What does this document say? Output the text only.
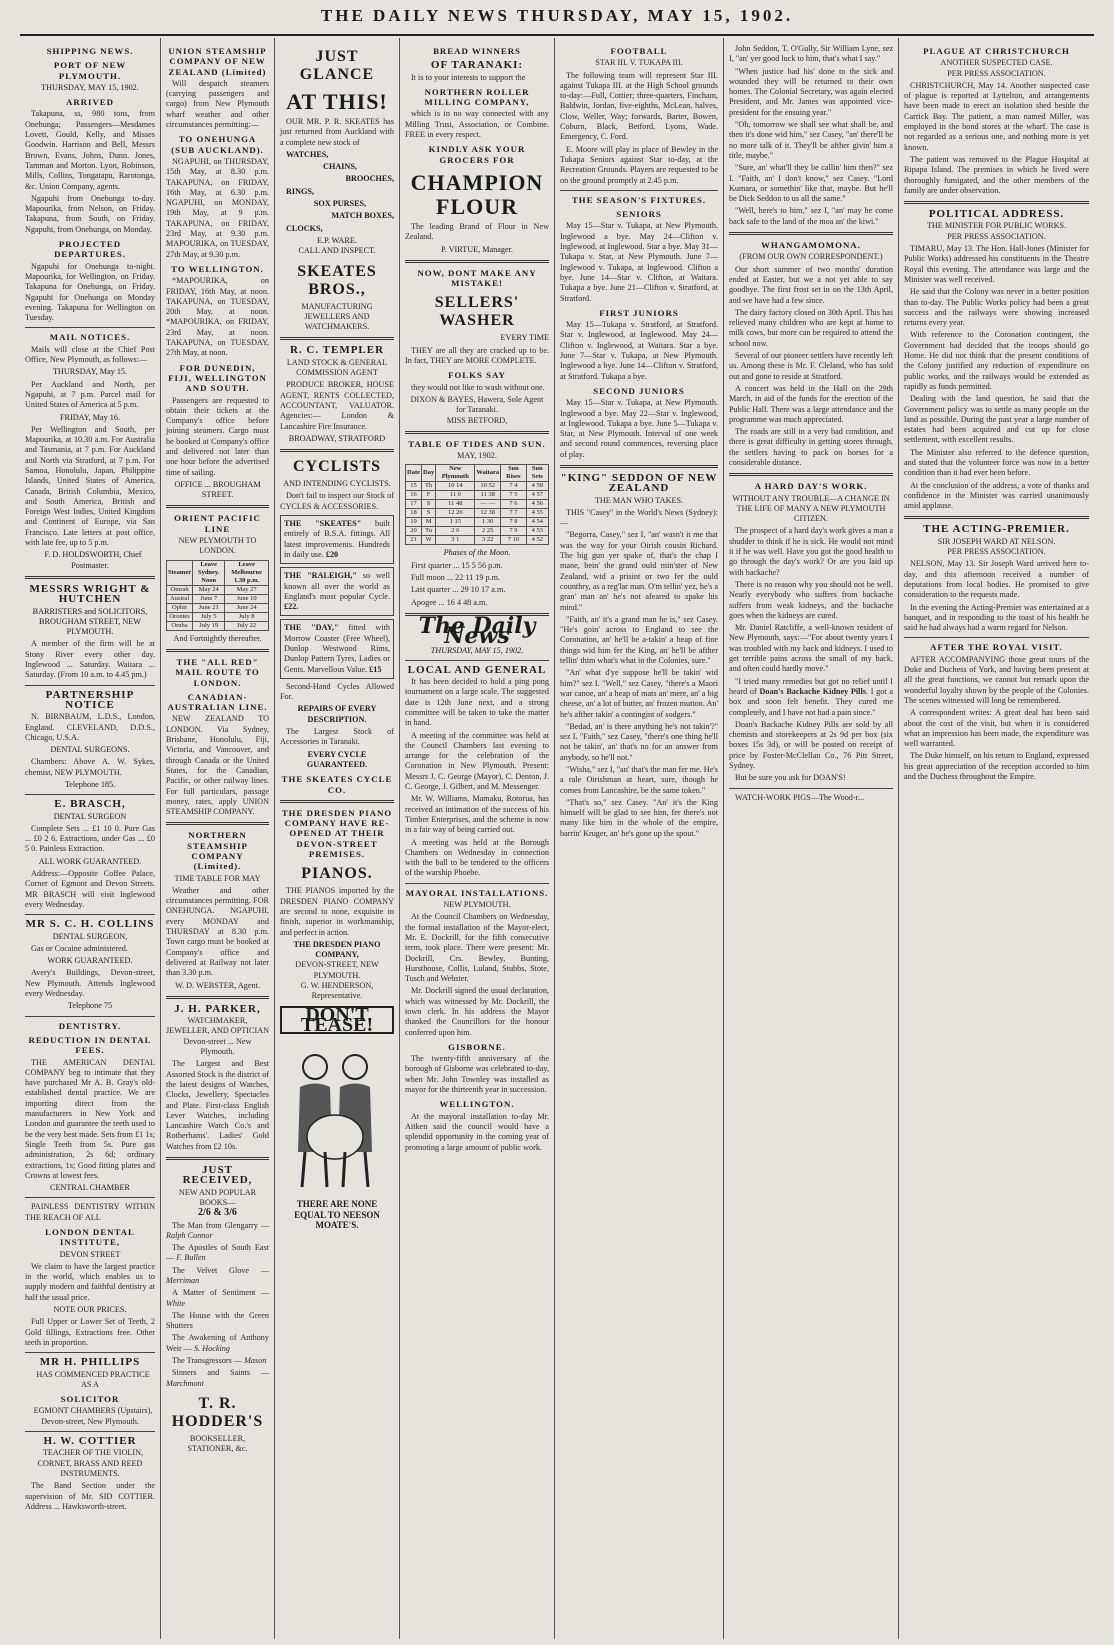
THE DAILY NEWS THURSDAY, MAY 15, 1902.
SHIPPING NEWS.
PORT OF NEW PLYMOUTH.
THURSDAY, MAY 15, 1902.
ARRIVED
Takapuna, ss, 980 tons, from Onehunga; Passengers—Mesdames Lovett, Gould, Kelly, and Misses Goodwin. Harrison and Bell, Messrs Brown, Evans, Johns, Dunn. Jones, Tamman and Morton. Lyon, Robinson, Mills, Collins, Tongatapu, Rarotonga, &c. Union Company, agents.
Ngapuhi from Onehunga to-day. Mapourika, from Nelson, on Friday. Takapuna, from South, on Friday. Ngapuhi, from Onehunga, on Monday.
PROJECTED DEPARTURES.
Ngapuhi for Onehunga to-night. Mapourika, for Wellington, on Friday. Takapuna for Onehunga, on Friday. Ngapuhi for Onehunga on Monday evening. Takapuna for Wellington on Tuesday.
MAIL NOTICES.
Mails will close at the Chief Post Office, New Plymouth, as follows:—
THURSDAY, May 15.
Per Auckland and North, per Ngapuhi, at 7 p.m. Parcel mail for United States of America at 5 p.m.
FRIDAY, May 16.
Per Wellington and South, per Mapourika, at 10.30 a.m. For Australia and Tasmania, at 7 p.m. For Auckland and North via Stratford, at 7 p.m. For Samoa, Honolulu, Japan, Philippine Islands, United States of America, Canada, British Columbia, Mexico, and South America, British and Foreign West Indies, United Kingdom and Continent of Europe, via San Francisco. Late letters at post office, with late fee, up to 5 p.m.
F. D. HOLDSWORTH, Chief Postmaster.
MESSRS WRIGHT & HUTCHEN
BARRISTERS and SOLICITORS,
BROUGHAM STREET, NEW PLYMOUTH.
A member of the firm will be at Stony River every other day. Inglewood ... Saturday. Waitara ... Saturday. (From 10 a.m. to 4.45 pm.)
PARTNERSHIP NOTICE
N. BIRNBAUM, L.D.S., London, England. CLEVELAND, D.D.S., Chicago, U.S.A.
DENTAL SURGEONS.
Chambers: Above A. W. Sykes, chemist, NEW PLYMOUTH.
Telephone 185.
E. BRASCH,
DENTAL SURGEON
Complete Sets ... £1 10 0. Pure Gas ... £0 2 6. Extractions, under Gas ... £0 5 0. Painless Extraction.
ALL WORK GUARANTEED.
Address:—Opposite Coffee Palace, Corner of Egmont and Devon Streets. MR BRASCH will visit Inglewood every Wednesday.
MR S. C. H. COLLINS
DENTAL SURGEON,
Gas or Cocaine administered.
WORK GUARANTEED.
Avery's Buildings, Devon-street, New Plymouth. Attends Inglewood every Wednesday.
Telephone 75
DENTISTRY.
REDUCTION IN DENTAL FEES.
THE AMERICAN DENTAL COMPANY beg to intimate that they have purchased Mr A. B. Gray's old-established dental practice. We are importing direct from the manufacturers in New York and London and guarantee the teeth used to be the very best made. Sets from £1 1s; Single Teeth from 5s. Pure gas administration, 2s 6d; ordinary extractions, 1s; Good fitting plates and Crowns at lowest fees.
CENTRAL CHAMBER
PAINLESS DENTISTRY WITHIN THE REACH OF ALL
LONDON DENTAL INSTITUTE,
DEVON STREET
We claim to have the largest practice in the world, which enables us to supply modern and faithful dentistry at half the usual price.
NOTE OUR PRICES.
Full Upper or Lower Set of Teeth, 2 Gold fillings, Extractions free. Other teeth in proportion.
MR H. PHILLIPS
HAS COMMENCED PRACTICE AS A
SOLICITOR
EGMONT CHAMBERS (Upstairs), Devon-street, New Plymouth.
H. W. COTTIER
TEACHER OF THE VIOLIN, CORNET, BRASS AND REED INSTRUMENTS.
The Band Section under the supervision of Mr. SID COTTIER. Address ... Hawksworth-street.
UNION STEAMSHIP COMPANY OF NEW ZEALAND (Limited)
Will despatch steamers (carrying passengers and cargo) from New Plymouth wharf weather and other circumstances permitting:—
TO ONEHUNGA (SUB AUCKLAND).
NGAPUHI, on THURSDAY, 15th May, at 8.30 p.m. TAKAPUNA, on FRIDAY, 16th May, at 6.30 p.m. NGAPUHI, on MONDAY, 19th May, at 9 p.m. TAKAPUNA, on FRIDAY, 23rd May, at 9.30 p.m. MAPOURIKA, on TUESDAY, 27th May, at 9.30 p.m.
TO WELLINGTON.
*MAPOURIKA, on FRIDAY, 16th May, at noon. TAKAPUNA, on TUESDAY, 20th May, at noon. *MAPOURIKA, on FRIDAY, 23rd May, at noon. TAKAPUNA, on TUESDAY, 27th May, at noon.
FOR DUNEDIN, FIJI, WELLINGTON AND SOUTH.
Passengers are requested to obtain their tickets at the Company's office before joining steamers. Cargo must be booked at Company's office and delivered not later than one hour before the advertised time of sailing.
OFFICE ... BROUGHAM STREET.
ORIENT PACIFIC LINE
NEW PLYMOUTH TO LONDON.
Steamer	Leave Sydney. Noon	Leave Melbourne 1.30 p.m.
Omrah	May 24	May 27
Austral	June 7	June 10
Ophir	June 21	June 24
Orontes	July 5	July 8
Oruba	July 19	July 22
And Fortnightly thereafter.
THE "ALL RED" MAIL ROUTE TO LONDON.
CANADIAN-AUSTRALIAN LINE.
NEW ZEALAND TO LONDON. Via Sydney, Brisbane, Honolulu, Fiji, Victoria, and Vancouver, and through Canada or the United States, for the Canadian, Pacific, or other railway lines. For full particulars, passage money, rates, apply UNION STEAMSHIP COMPANY.
NORTHERN STEAMSHIP COMPANY (Limited).
TIME TABLE FOR MAY
Weather and other circumstances permitting. FOR ONEHUNGA. NGAPUHI, every MONDAY and THURSDAY at 8.30 p.m. Town cargo must be booked at Company's office and delivered at Railway not later than 3.30 p.m.
W. D. WEBSTER, Agent.
J. H. PARKER,
WATCHMAKER, JEWELLER, AND OPTICIAN
Devon-street ... New Plymouth.
The Largest and Best Assorted Stock is the district of the latest designs of Watches, Clocks, Jewellery, Spectacles and Plate. First-class English Lever Watches, including Lancashire Watch Co.'s and Rotherhams'. Ladies' Gold Watches from £2 10s.
JUST RECEIVED,
NEW AND POPULAR BOOKS—
2/6 & 3/6
The Man from Glengarry — Ralph Connor
The Apostles of South East — F. Bullen
The Velvet Glove — Merriman
A Matter of Sentiment — White
The House with the Green Shutters
The Awakening of Anthony Weir — S. Hocking
The Transgressors — Mason
Sinners and Saints — Marchmont
T. R. HODDER'S
BOOKSELLER, STATIONER, &c.
JUST GLANCE
AT THIS!
OUR MR. P. R. SKEATES has just returned from Auckland with a complete new stock of
WATCHES,
CHAINS,
BROOCHES,
RINGS,
SOX PURSES,
MATCH BOXES,
CLOCKS,
E.P. WARE.
CALL AND INSPECT.
SKEATES BROS.,
MANUFACTURING JEWELLERS AND WATCHMAKERS.
R. C. TEMPLER
LAND STOCK & GENERAL COMMISSION AGENT
PRODUCE BROKER, HOUSE AGENT, RENTS COLLECTED, ACCOUNTANT, VALUATOR. Agencies:— London & Lancashire Fire Insurance.
BROADWAY, STRATFORD
CYCLISTS
AND INTENDING CYCLISTS.
Don't fail to inspect our Stock of CYCLES & ACCESSORIES.
THE "SKEATES" built entirely of B.S.A. fittings. All latest improvements. Hundreds in daily use. £20
THE "RALEIGH," so well known all over the world as England's most popular Cycle. £22.
THE "DAY," fitted with Morrow Coaster (Free Wheel), Dunlop Westwood Rims, Dunlop Pattern Tyres, Ladies or Gents. Marvellous Value. £15
Second-Hand Cycles Allowed For.
REPAIRS OF EVERY DESCRIPTION.
The Largest Stock of Accessories in Taranaki.
EVERY CYCLE GUARANTEED.
THE SKEATES CYCLE CO.
THE DRESDEN PIANO COMPANY HAVE RE-OPENED AT THEIR DEVON-STREET PREMISES.
PIANOS.
THE PIANOS imported by the DRESDEN PIANO COMPANY are second to none, exquisite in finish, superior in workmanship, and perfect in action.
THE DRESDEN PIANO COMPANY,
DEVON-STREET, NEW PLYMOUTH.
G. W. HENDERSON, Representative.
DON'T TEASE!
THERE ARE NONE EQUAL TO NEESON MOATE'S.
BREAD WINNERS
OF TARANAKI:
It is to your interests to support the
NORTHERN ROLLER MILLING COMPANY,
which is in no way connected with any Milling Trust, Association, or Combine. FREE in every respect.
KINDLY ASK YOUR GROCERS FOR
CHAMPION FLOUR
The leading Brand of Flour in New Zealand.
P. VIRTUE, Manager.
NOW, DONT MAKE ANY MISTAKE!
SELLERS' WASHER
EVERY TIME
THEY are all they are cracked up to be. In fact, THEY are MORE COMPLETE.
FOLKS SAY
they would not like to wash without one.
DIXON & BAYES, Hawera, Sole Agent for Taranaki.
MISS BETFORD,
TABLE OF TIDES AND SUN.
MAY, 1902.
Date	Day	New Plymouth	Waitara	Sun Rises	Sun Sets
15	Th	10 14	10 52	7 4	4 58
16	F	11 0	11 38	7 5	4 57
17	S	11 48	— —	7 6	4 56
18	S	12 26	12 38	7 7	4 55
19	M	1 15	1 30	7 8	4 54
20	Tu	2 6	2 25	7 9	4 53
21	W	3 1	3 22	7 10	4 52
Phases of the Moon.
First quarter ... 15 5 56 p.m.
Full moon ... 22 11 19 p.m.
Last quarter ... 29 10 17 a.m.
Apogee ... 16 4 48 a.m.
The Daily News
THURSDAY, MAY 15, 1902.
LOCAL AND GENERAL
It has been decided to hold a ping pong tournament on a large scale. The suggested date is 12th June next, and a strong committee will be taken to take the matter in hand.
A meeting of the committee was held at the Council Chambers last evening to arrange for the celebration of the Coronation in New Plymouth. Present: Messrs J. C. George (Mayor), C. Denton, J. C. George, J. Gilbert, and M. Messenger.
Mr. W. Williams, Mamaku, Rotorua, has received an intimation of the success of his Timber Enterprises, and the scheme is now in a fair way of being carried out.
A meeting was held at the Borough Chambers on Wednesday in connection with the ball to be tendered to the officers of the warship Phoebe.
MAYORAL INSTALLATIONS.
NEW PLYMOUTH.
At the Council Chambers on Wednesday, the formal installation of the Mayor-elect, Mr. E. Dockrill, for the fifth consecutive term, took place. There were present: Mr. Dockrill, Crs. Bewley, Bunting, Hursthouse, Collis, Luland, Stubbs, Stote, Tusch and Webster.
Mr. Dockrill signed the usual declaration, which was witnessed by Mr. Dockrill, the town clerk. In his address the Mayor thanked the Councillors for the honour conferred upon him.
GISBORNE.
The twenty-fifth anniversary of the borough of Gisborne was celebrated to-day, when Mr. John Townley was installed as mayor for the thirteenth year in succession.
WELLINGTON.
At the mayoral installation to-day Mr. Aitken said the council would have a splendid opportunity in the coming year of promoting a large amount of public work.
FOOTBALL
STAR III. V. TUKAPA III.
The following team will represent Star III. against Tukapa III. at the High School grounds to-day:—Full, Cottier; three-quarters, Fincham, Baldwin, Jordan, five-eighths, McLean, halves, Clow, Weller, Way; forwards, Barter, Bowen, Coburn, Black, Betford, Lyons, Wade. Emergency, C. Ford.
E. Moore will play in place of Bewley in the Tukapa Seniors against Star to-day, at the Recreation Grounds. Players are requested to be on the ground promptly at 2.45 p.m.
THE SEASON'S FIXTURES.
SENIORS
May 15—Star v. Tukapa, at New Plymouth. Inglewood a bye. May 24—Clifton v. Inglewood, at Inglewood. Star a bye. May 31—Tukapa v. Star, at New Plymouth. June 7—Inglewood v. Tukapa, at Inglewood. Clifton a bye. June 14—Star v. Clifton, at Waitara. Tukapa a bye. June 21—Clifton v. Stratford, at Stratford.
FIRST JUNIORS
May 15—Tukapa v. Stratford, at Stratford. Star v. Inglewood, at Inglewood. May 24—Clifton v. Inglewood, at Waitara. Star a bye. June 7—Star v. Tukapa, at New Plymouth. Inglewood a bye. June 14—Clifton v. Stratford, at Stratford. Tukapa a bye.
SECOND JUNIORS
May 15—Star v. Tukapa, at New Plymouth. Inglewood a bye. May 22—Star v. Inglewood, at Inglewood. Tukapa a bye. June 5—Tukapa v. Star, at New Plymouth. Interval of one week and second round commences, reversing place of play.
"KING" SEDDON OF NEW ZEALAND
THE MAN WHO TAKES.
THIS "Casey" in the World's News (Sydney):—
"Begorra, Casey," sez I, "an' wasn't it me that was the way for your Oirish cousin Richard. The big gun yer spake of, that's the chap I mane, bein' the grand ould min'ster of New Zealand, wid a prisint or two fer the ould counthry, as a reg'lar man. O'm tellin' yez, he's a gran' man an' he's not afeared to spake his mind."
"Faith, an' it's a grand man he is," sez Casey. "He's goin' across to England to see the Coronation, an' he'll be a-takin' a heap of fine things wid him fer the King, an' he'll be afther tellin' thim what's what in the Colonies, sure."
"An' what d'ye suppose he'll be takin' wid him?" sez I. "Well," sez Casey, "there's a Maori war canoe, an' a heap of mats an' mere, an' a big cheese, an' a lot of butter, an' frozen mutton. An' he's afther takin' a contingint of sodgers."
"Bedad, an' is there anything he's not takin'?" sez I. "Faith," sez Casey, "there's one thing he'll not be takin', an' that's no for an answer from anybody, so he'll not."
"Wisha," sez I, "an' that's the man fer me. He's a rale Oirishman at heart, sure, though he comes from Lancashire, be the same token."
"That's so," sez Casey. "An' it's the King himself will be glad to see him, fer there's not many like him in the whole of the empire, barrin' Kruger, an' he's gone up the spout."
John Seddon, T. O'Gully, Sir William Lyne, sez I, "an' yer good luck to him, that's what I say."
"When justice had his' done to the sick and wounded they will be returned to their own homes. The Colonial Secretary, was again elected President, and Mr. James was appointed vice-president for the ensuing year."
"Oh, tomorrow we shall see what shall be, and then it's done wid him," sez Casey, "an' there'll be no more talk of it. They'll be afther givin' him a title, maybe."
"Sure, an' what'll they be callin' him then?" sez I. "Faith, an' I don't know," sez Casey. "Lord Kumara, or somethin' like that, maybe. But he'll be Dick Seddon to us all the same."
"Well, here's to him," sez I, "an' may he come back safe to the land of the moa an' the kiwi."
WHANGAMOMONA.
(FROM OUR OWN CORRESPONDENT.)
Our short summer of two months' duration ended at Easter, but we a not yet able to say goodbye. The first frost set in on the 13th April, and we have had a few since.
The dairy factory closed on 30th April. This has relieved many children who are kept at home to milk cows, but more can be required to attend the school now.
Several of our pioneer settlers have recently left us. Among these is Mr. F. Cleland, who has sold out and gone to reside at Stratford.
A concert was held in the Hall on the 29th March, in aid of the funds for the erection of the Public Hall. There was a large attendance and the programme was much appreciated.
The roads are still in a very bad condition, and there is great difficulty in getting stores through, the settlers having to pack on horses for a considerable distance.
A HARD DAY'S WORK.
WITHOUT ANY TROUBLE—A CHANGE IN THE LIFE OF MANY A NEW PLYMOUTH CITIZEN.
The prospect of a hard day's work gives a man a shudder to think if he is sick. He would not mind it if he was well. Have you got the good health to go through the day's work? Or are you laid up with backache?
There is no reason why you should not be well. Nearly everybody who suffers from backache suffers from weak kidneys, and the backache goes when the kidneys are cured.
Mr. Daniel Ratcliffe, a well-known resident of New Plymouth, says:—"For about twenty years I was troubled with my back and kidneys. I used to get terrible pains across the small of my back, and often could hardly move."
"I tried many remedies but got no relief until I heard of Doan's Backache Kidney Pills. I got a box and soon felt benefit. They cured me completely, and I have not had a pain since."
Doan's Backache Kidney Pills are sold by all chemists and storekeepers at 2s 9d per box (six boxes 15s 3d), or will be posted on receipt of price by Foster-McClellan Co., 76 Pitt Street, Sydney.
But be sure you ask for DOAN'S!
WATCH-WORK PIGS—The Wood-r...
PLAGUE AT CHRISTCHURCH
ANOTHER SUSPECTED CASE.
PER PRESS ASSOCIATION.
CHRISTCHURCH, May 14. Another suspected case of plague is reported at Lyttelton, and arrangements have been made to erect an isolation shed beside the Carrick Bay. The patient, a man named Miller, was employed in the bond stores at the wharf. The case is not regarded as a serious one, and nothing more is yet known.
The patient was removed to the Plague Hospital at Ripapa Island. The premises in which he lived were thoroughly fumigated, and the other members of the family are under observation.
POLITICAL ADDRESS.
THE MINISTER FOR PUBLIC WORKS.
PER PRESS ASSOCIATION.
TIMARU, May 13. The Hon. Hall-Jones (Minister for Public Works) addressed his constituents in the Theatre Royal this evening. The attendance was large and the Minister was well received.
He said that the Colony was never in a better position than to-day. The Public Works policy had been a great success and the railways were showing increased returns every year.
With reference to the Coronation contingent, the Government had decided that the troops should go Home. He did not think that the present conditions of the Colony justified any reduction of expenditure on public works, and the railways would be extended as rapidly as funds permitted.
Dealing with the land question, he said that the Government policy was to settle as many people on the land as possible. During the past year a large number of estates had been acquired and cut up for close settlement, with excellent results.
The Minister also referred to the defence question, and stated that the volunteer force was now in a better condition than it had ever been before.
At the conclusion of the address, a vote of thanks and confidence in the Minister was carried unanimously amid applause.
THE ACTING-PREMIER.
SIR JOSEPH WARD AT NELSON.
PER PRESS ASSOCIATION.
NELSON, May 13. Sir Joseph Ward arrived here to-day, and this afternoon received a number of deputations from local bodies. He promised to give consideration to the requests made.
In the evening the Acting-Premier was entertained at a banquet, and in responding to the toast of his health he said he had always had a warm regard for Nelson.
AFTER THE ROYAL VISIT.
AFTER ACCOMPANYING those great tours of the Duke and Duchess of York, and having been present at all the great functions, we cannot but remark upon the wonderful loyalty shown by the people of the Colonies. The scenes witnessed will long be remembered.
A correspondent writes: A great deal has been said about the cost of the visit, but when it is considered what an impression has been made, the expenditure was well warranted.
The Duke himself, on his return to England, expressed his great appreciation of the reception accorded to him and the Duchess throughout the Empire.
